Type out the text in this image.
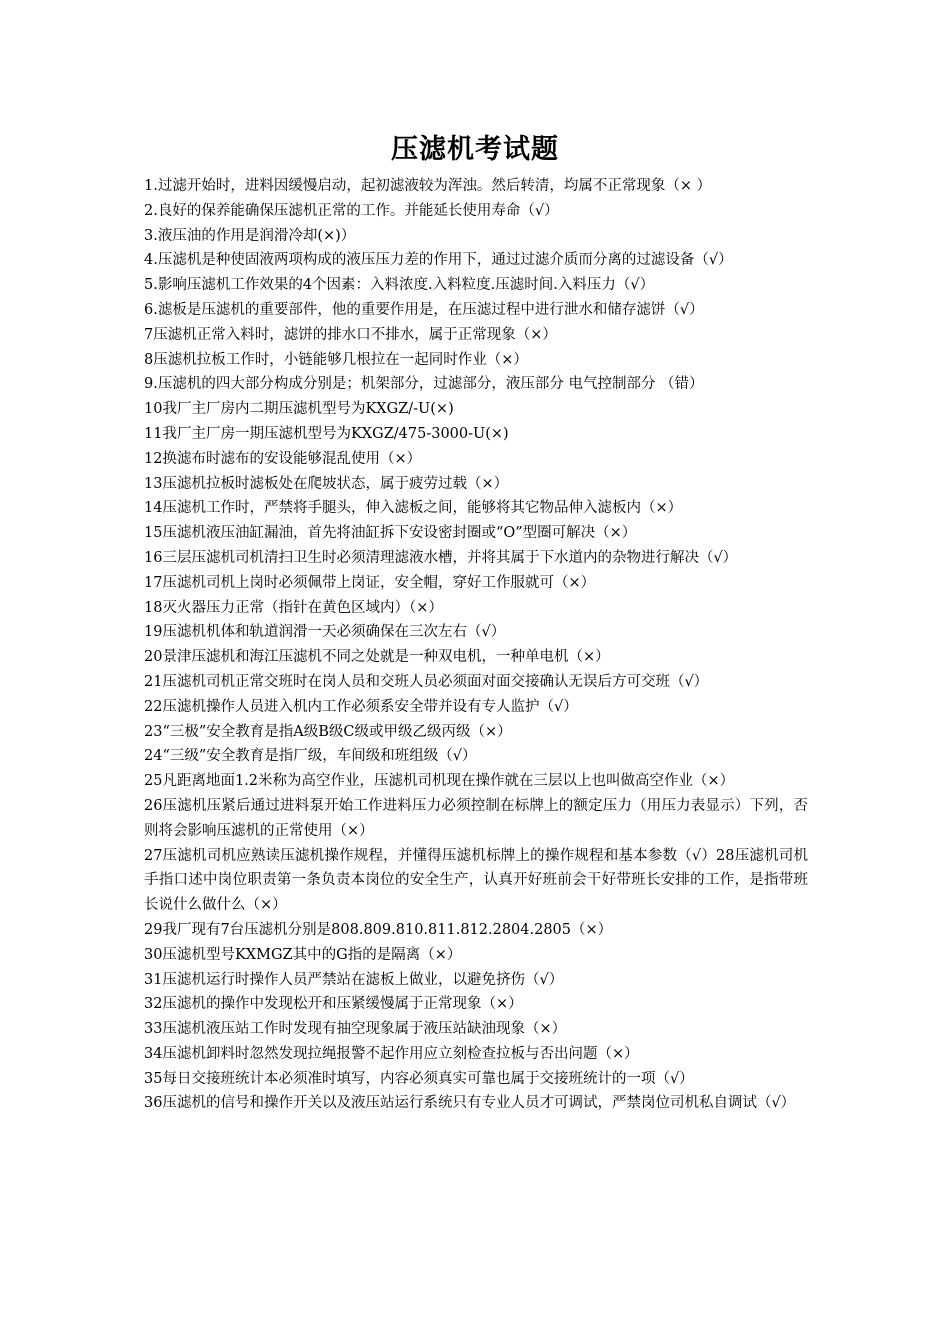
压滤机考试题

1.过滤开始时，进料因缓慢启动，起初滤液较为浑浊。然后转清，均属不正常现象（× ）

2.良好的保养能确保压滤机正常的工作。并能延长使用寿命（√）

3.液压油的作用是润滑冷却(×)）

4.压滤机是种使固液两项构成的液压压力差的作用下，通过过滤介质而分离的过滤设备（√）

5.影响压滤机工作效果的4个因素：入料浓度.入料粒度.压滤时间.入料压力（√）

6.滤板是压滤机的重要部件，他的重要作用是，在压滤过程中进行泄水和储存滤饼（√）

7压滤机正常入料时，滤饼的排水口不排水，属于正常现象（×）

8压滤机拉板工作时，小链能够几根拉在一起同时作业（×）

9.压滤机的四大部分构成分别是；机架部分，过滤部分，液压部分 电气控制部分 （错）

10我厂主厂房内二期压滤机型号为KXGZ/-U(×)

11我厂主厂房一期压滤机型号为KXGZ/475-3000-U(×)

12换滤布时滤布的安设能够混乱使用（×）

13压滤机拉板时滤板处在爬坡状态，属于疲劳过载（×）

14压滤机工作时，严禁将手腿头，伸入滤板之间，能够将其它物品伸入滤板内（×）

15压滤机液压油缸漏油，首先将油缸拆下安设密封圈或“O”型圈可解决（×）

16三层压滤机司机清扫卫生时必须清理滤液水槽，并将其属于下水道内的杂物进行解决（√）

17压滤机司机上岗时必须佩带上岗证，安全帽，穿好工作服就可（×）

18灭火器压力正常（指针在黄色区域内）（×）

19压滤机机体和轨道润滑一天必须确保在三次左右（√）

20景津压滤机和海江压滤机不同之处就是一种双电机，一种单电机（×）

21压滤机司机正常交班时在岗人员和交班人员必须面对面交接确认无误后方可交班（√）

22压滤机操作人员进入机内工作必须系安全带并设有专人监护（√）

23“三极”安全教育是指A级B级C级或甲级乙级丙级（×）

24“三级”安全教育是指厂级，车间级和班组级（√）

25凡距离地面1.2米称为高空作业，压滤机司机现在操作就在三层以上也叫做高空作业（×）

26压滤机压紧后通过进料泵开始工作进料压力必须控制在标牌上的额定压力（用压力表显示）下列，否则将会影响压滤机的正常使用（×）

27压滤机司机应熟读压滤机操作规程，并懂得压滤机标牌上的操作规程和基本参数（√）28压滤机司机手指口述中岗位职责第一条负责本岗位的安全生产，认真开好班前会干好带班长安排的工作，是指带班长说什么做什么（×）

29我厂现有7台压滤机分别是808.809.810.811.812.2804.2805（×）

30压滤机型号KXMGZ其中的G指的是隔离（×）

31压滤机运行时操作人员严禁站在滤板上做业，以避免挤伤（√）

32压滤机的操作中发现松开和压紧缓慢属于正常现象（×）

33压滤机液压站工作时发现有抽空现象属于液压站缺油现象（×）

34压滤机卸料时忽然发现拉绳报警不起作用应立刻检查拉板与否出问题（×）

35每日交接班统计本必须准时填写，内容必须真实可靠也属于交接班统计的一项（√）

36压滤机的信号和操作开关以及液压站运行系统只有专业人员才可调试，严禁岗位司机私自调试（√）
